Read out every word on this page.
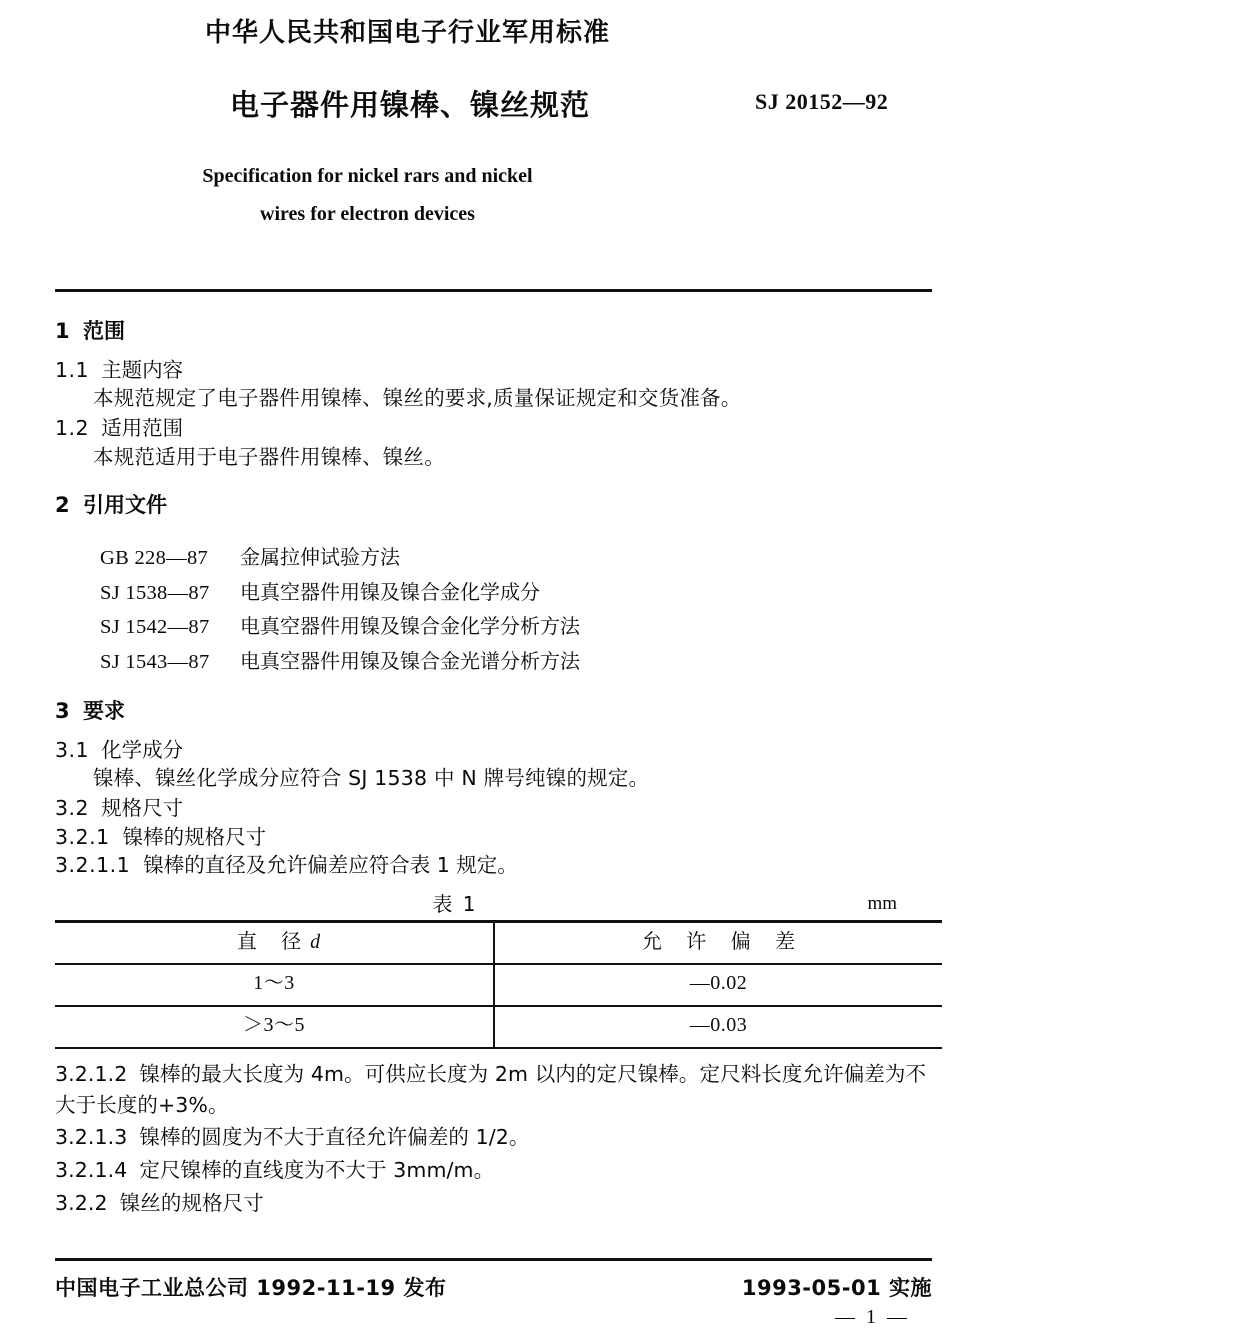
中华人民共和国电子行业军用标准
电子器件用镍棒、镍丝规范	SJ 20152—92
Specification for nickel rars and nickel
wires for electron devices
1 范围
1.1 主题内容
本规范规定了电子器件用镍棒、镍丝的要求,质量保证规定和交货准备。
1.2 适用范围
本规范适用于电子器件用镍棒、镍丝。
2 引用文件
GB 228—87 金属拉伸试验方法
SJ 1538—87 电真空器件用镍及镍合金化学成分
SJ 1542—87 电真空器件用镍及镍合金化学分析方法
SJ 1543—87 电真空器件用镍及镍合金光谱分析方法
3 要求
3.1 化学成分
镍棒、镍丝化学成分应符合 SJ 1538 中 N 牌号纯镍的规定。
3.2 规格尺寸
3.2.1 镍棒的规格尺寸
3.2.1.1 镍棒的直径及允许偏差应符合表 1 规定。
表 1	mm
直 径d	允 许 偏 差
1～3	—0.02
＞3～5	—0.03
3.2.1.2 镍棒的最大长度为 4m。可供应长度为 2m 以内的定尺镍棒。定尺料长度允许偏差为不大于长度的+3%。
3.2.1.3 镍棒的圆度为不大于直径允许偏差的 1/2。
3.2.1.4 定尺镍棒的直线度为不大于 3mm/m。
3.2.2 镍丝的规格尺寸
中国电子工业总公司 1992-11-19 发布	1993-05-01 实施
— 1 —
